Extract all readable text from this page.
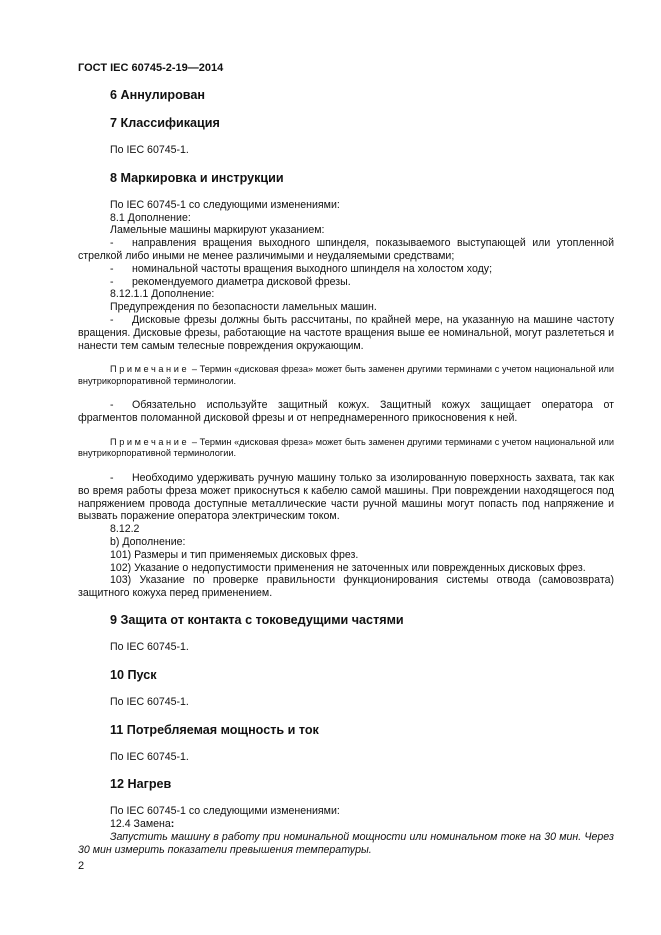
ГОСТ IEC 60745-2-19—2014

6 Аннулирован

7 Классификация

По IEC 60745-1.

8 Маркировка и инструкции

По IEC 60745-1 со следующими изменениями:

8.1 Дополнение:

Ламельные машины маркируют указанием:

- направления вращения выходного шпинделя, показываемого выступающей или утопленной стрелкой либо иными не менее различимыми и неудаляемыми средствами;

- номинальной частоты вращения выходного шпинделя на холостом ходу;

- рекомендуемого диаметра дисковой фрезы.

8.12.1.1 Дополнение:

Предупреждения по безопасности ламельных машин.

- Дисковые фрезы должны быть рассчитаны, по крайней мере, на указанную на машине частоту вращения. Дисковые фрезы, работающие на частоте вращения выше ее номинальной, могут разлететься и нанести тем самым телесные повреждения окружающим.

Примечание – Термин «дисковая фреза» может быть заменен другими терминами с учетом национальной или внутрикорпоративной терминологии.

- Обязательно используйте защитный кожух. Защитный кожух защищает оператора от фрагментов поломанной дисковой фрезы и от непреднамеренного прикосновения к ней.

Примечание – Термин «дисковая фреза» может быть заменен другими терминами с учетом национальной или внутрикорпоративной терминологии.

- Необходимо удерживать ручную машину только за изолированную поверхность захвата, так как во время работы фреза может прикоснуться к кабелю самой машины. При повреждении находящегося под напряжением провода доступные металлические части ручной машины могут попасть под напряжение и вызвать поражение оператора электрическим током.

8.12.2

b) Дополнение:

101) Размеры и тип применяемых дисковых фрез.

102) Указание о недопустимости применения не заточенных или поврежденных дисковых фрез.

103) Указание по проверке правильности функционирования системы отвода (самовозврата) защитного кожуха перед применением.

9 Защита от контакта с токоведущими частями

По IEC 60745-1.

10 Пуск

По IEC 60745-1.

11 Потребляемая мощность и ток

По IEC 60745-1.

12 Нагрев

По IEC 60745-1 со следующими изменениями:

12.4 Замена:

Запустить машину в работу при номинальной мощности или номинальном токе на 30 мин. Через 30 мин измерить показатели превышения температуры.

2
